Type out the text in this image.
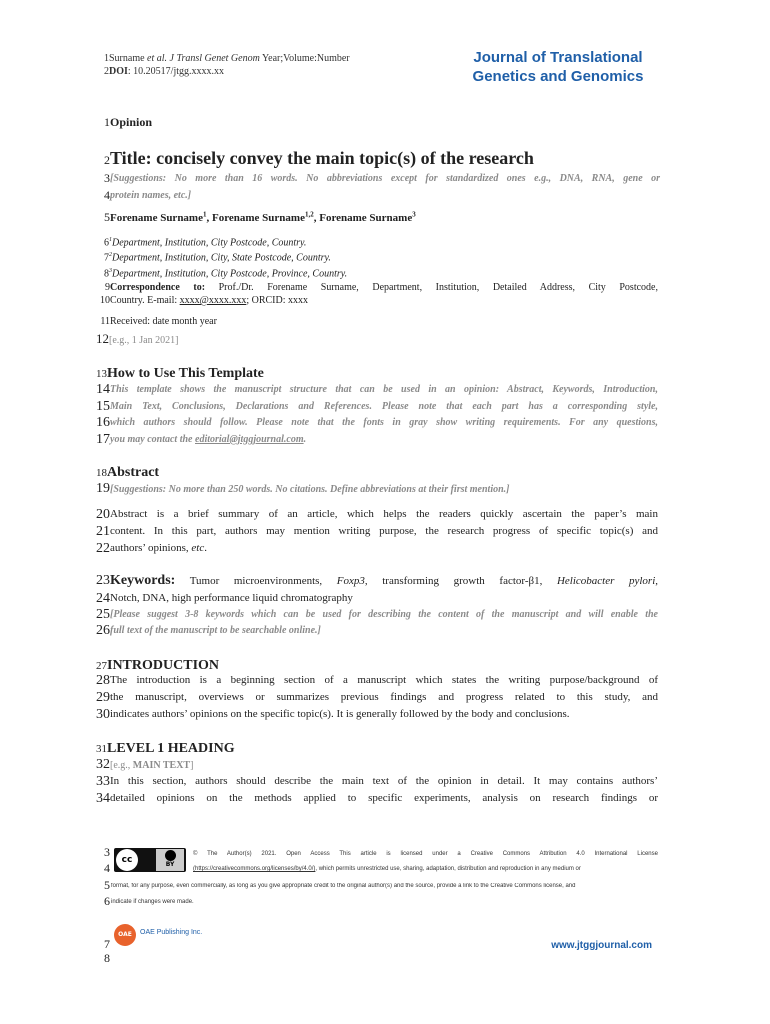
1Surname et al. J Transl Genet Genom Year;Volume:Number
2DOI: 10.20517/jtgg.xxxx.xx
Journal of Translational
Genetics and Genomics
1Opinion
2Title: concisely convey the main topic(s) of the research
3 [Suggestions: No more than 16 words. No abbreviations except for standardized ones e.g., DNA, RNA, gene or
4 protein names, etc.]
5Forename Surname$^1$, Forename Surname$^{1,2}$, Forename Surname$^3$
$6^1Department$, Institution, City Postcode, Country.
$7^2Department$, Institution, City, State Postcode, Country.
$8^3Department$, Institution, City Postcode, Province, Country.
9 Correspondence to: Prof./Dr. Forename Surname, Department, Institution, Detailed Address, City Postcode,
10 Country. E-mail: xxxx@xxxx.xxx; ORCID: xxxx
11Received: date month year
12[e.g., 1 Jan 2021]
13How to Use This Template
14 This template shows the manuscript structure that can be used in an opinion: Abstract, Keywords, Introduction,
15 Main Text, Conclusions, Declarations and References. Please note that each part has a corresponding style,
16 which authors should follow. Please note that the fonts in gray show writing requirements. For any questions,
17 you may contact the editorial@jtggjournal.com.
18Abstract
19[Suggestions: No more than 250 words. No citations. Define abbreviations at their first mention.]
20 Abstract is a brief summary of an article, which helps the readers quickly ascertain the paper’s main
21 content. In this part, authors may mention writing purpose, the research progress of specific topic(s) and
22 authors’ opinions, etc.
23 Keywords: Tumor microenvironments, Foxp3, transforming growth factor-β1, Helicobacter pylori,
24 Notch, DNA, high performance liquid chromatography
25 [Please suggest 3-8 keywords which can be used for describing the content of the manuscript and will enable the
26 full text of the manuscript to be searchable online.]
27INTRODUCTION
28 The introduction is a beginning section of a manuscript which states the writing purpose/background of
29 the manuscript, overviews or summarizes previous findings and progress related to this study, and
30 indicates authors’ opinions on the specific topic(s). It is generally followed by the body and conclusions.
31LEVEL 1 HEADING
32[e.g., MAIN TEXT]
33 In this section, authors should describe the main text of the opinion in detail. It may contains authors’
34 detailed opinions on the methods applied to specific experiments, analysis on research findings or
3
4
cc	BY
© The Author(s) 2021. Open Access This article is licensed under a Creative Commons Attribution 4.0 International License
(https://creativecommons.org/licenses/by/4.0/), which permits unrestricted use, sharing, adaptation, distribution and reproduction in any medium or
5 format, for any purpose, even commercially, as long as you give appropriate credit to the original author(s) and the source, provide a link to the Creative Commons license, and
6 indicate if changes were made.
OAE	OAE Publishing Inc.
7
8
www.jtggjournal.com
